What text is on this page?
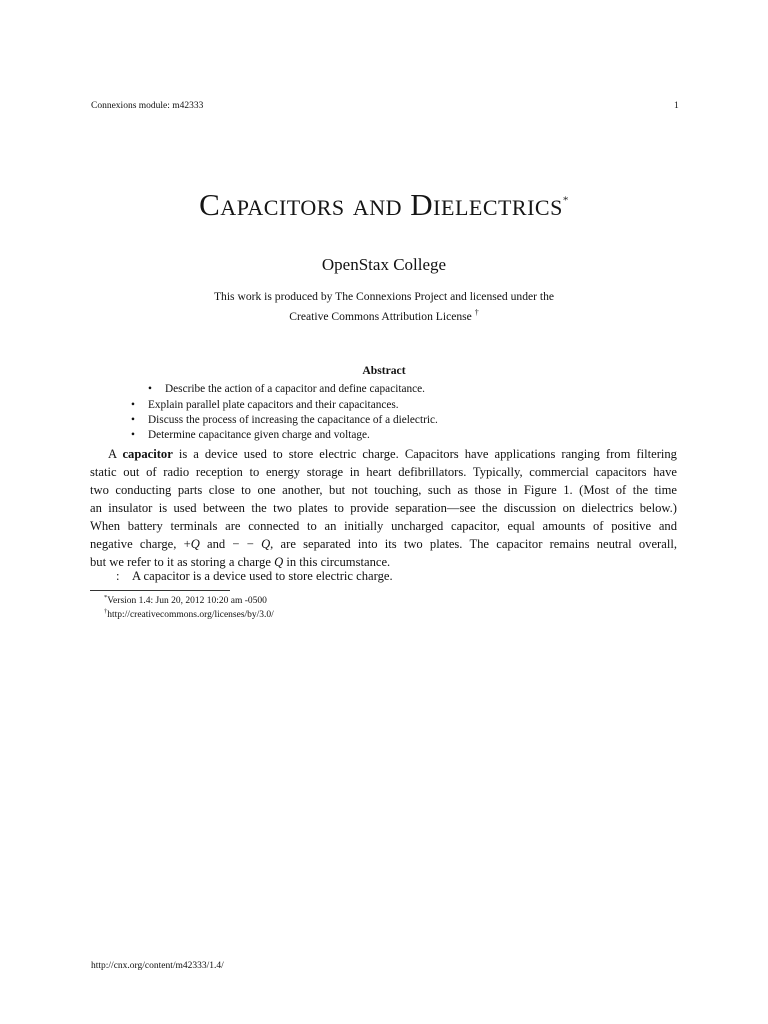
Connexions module: m42333	1
Capacitors and Dielectrics*
OpenStax College
This work is produced by The Connexions Project and licensed under the
Creative Commons Attribution License †
Abstract
• Describe the action of a capacitor and define capacitance.
• Explain parallel plate capacitors and their capacitances.
• Discuss the process of increasing the capacitance of a dielectric.
• Determine capacitance given charge and voltage.
A capacitor is a device used to store electric charge. Capacitors have applications ranging from filtering
static out of radio reception to energy storage in heart defibrillators. Typically, commercial capacitors have
two conducting parts close to one another, but not touching, such as those in Figure 1. (Most of the time
an insulator is used between the two plates to provide separation—see the discussion on dielectrics below.)
When battery terminals are connected to an initially uncharged capacitor, equal amounts of positive and
negative charge, +Q and − − Q, are separated into its two plates. The capacitor remains neutral overall,
but we refer to it as storing a charge Q in this circumstance.
: A capacitor is a device used to store electric charge.
*Version 1.4: Jun 20, 2012 10:20 am -0500
†http://creativecommons.org/licenses/by/3.0/
http://cnx.org/content/m42333/1.4/
